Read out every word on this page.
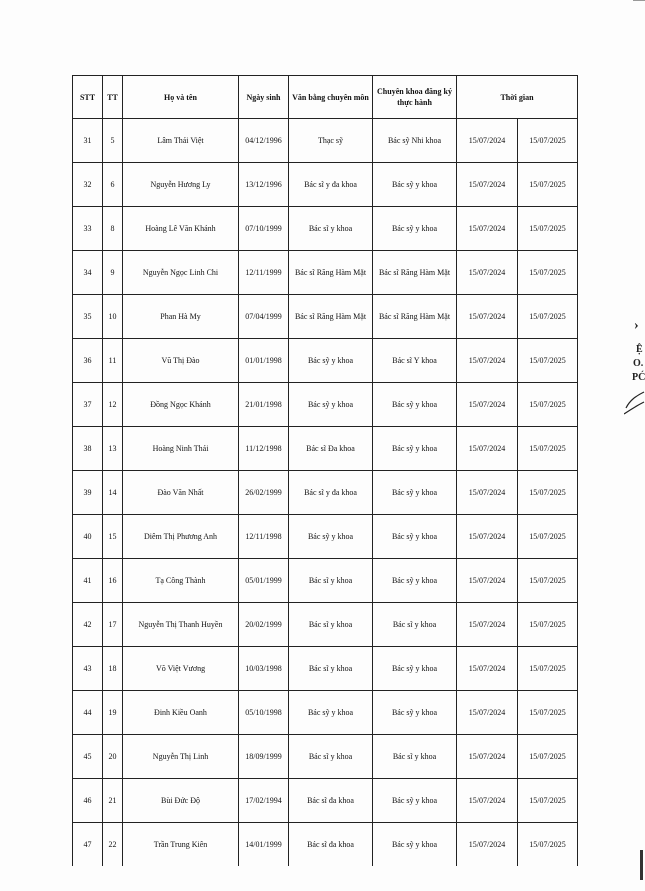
STT	TT	Họ và tên	Ngày sinh	Văn bằng chuyên môn	Chuyên khoa đăng ký thực hành	Thời gian	
31	5	Lâm Thái Việt	04/12/1996	Thạc sỹ	Bác sỹ Nhi khoa	15/07/2024	15/07/2025
32	6	Nguyễn Hương Ly	13/12/1996	Bác sĩ y đa khoa	Bác sỹ y khoa	15/07/2024	15/07/2025
33	8	Hoàng Lê Văn Khánh	07/10/1999	Bác sĩ y khoa	Bác sỹ y khoa	15/07/2024	15/07/2025
34	9	Nguyễn Ngọc Linh Chi	12/11/1999	Bác sĩ Răng Hàm Mặt	Bác sĩ Răng Hàm Mặt	15/07/2024	15/07/2025
35	10	Phan Hà My	07/04/1999	Bác sĩ Răng Hàm Mặt	Bác sĩ Răng Hàm Mặt	15/07/2024	15/07/2025
36	11	Vũ Thị Đào	01/01/1998	Bác sỹ y khoa	Bác sĩ Y khoa	15/07/2024	15/07/2025
37	12	Đồng Ngọc Khánh	21/01/1998	Bác sỹ y khoa	Bác sỹ y khoa	15/07/2024	15/07/2025
38	13	Hoàng Ninh Thái	11/12/1998	Bác sĩ Đa khoa	Bác sỹ y khoa	15/07/2024	15/07/2025
39	14	Đào Văn Nhất	26/02/1999	Bác sĩ y đa khoa	Bác sỹ y khoa	15/07/2024	15/07/2025
40	15	Diêm Thị Phương Anh	12/11/1998	Bác sỹ y khoa	Bác sỹ y khoa	15/07/2024	15/07/2025
41	16	Tạ Công Thành	05/01/1999	Bác sĩ y khoa	Bác sỹ y khoa	15/07/2024	15/07/2025
42	17	Nguyễn Thị Thanh Huyền	20/02/1999	Bác sĩ y khoa	Bác sĩ y khoa	15/07/2024	15/07/2025
43	18	Võ Việt Vương	10/03/1998	Bác sĩ y khoa	Bác sỹ y khoa	15/07/2024	15/07/2025
44	19	Đinh Kiều Oanh	05/10/1998	Bác sỹ y khoa	Bác sỹ y khoa	15/07/2024	15/07/2025
45	20	Nguyễn Thị Linh	18/09/1999	Bác sĩ y khoa	Bác sĩ y khoa	15/07/2024	15/07/2025
46	21	Bùi Đức Độ	17/02/1994	Bác sĩ đa khoa	Bác sỹ y khoa	15/07/2024	15/07/2025
47	22	Trần Trung Kiên	14/01/1999	Bác sĩ đa khoa	Bác sỹ y khoa	15/07/2024	15/07/2025
›
Ệ
O.
PĆ
